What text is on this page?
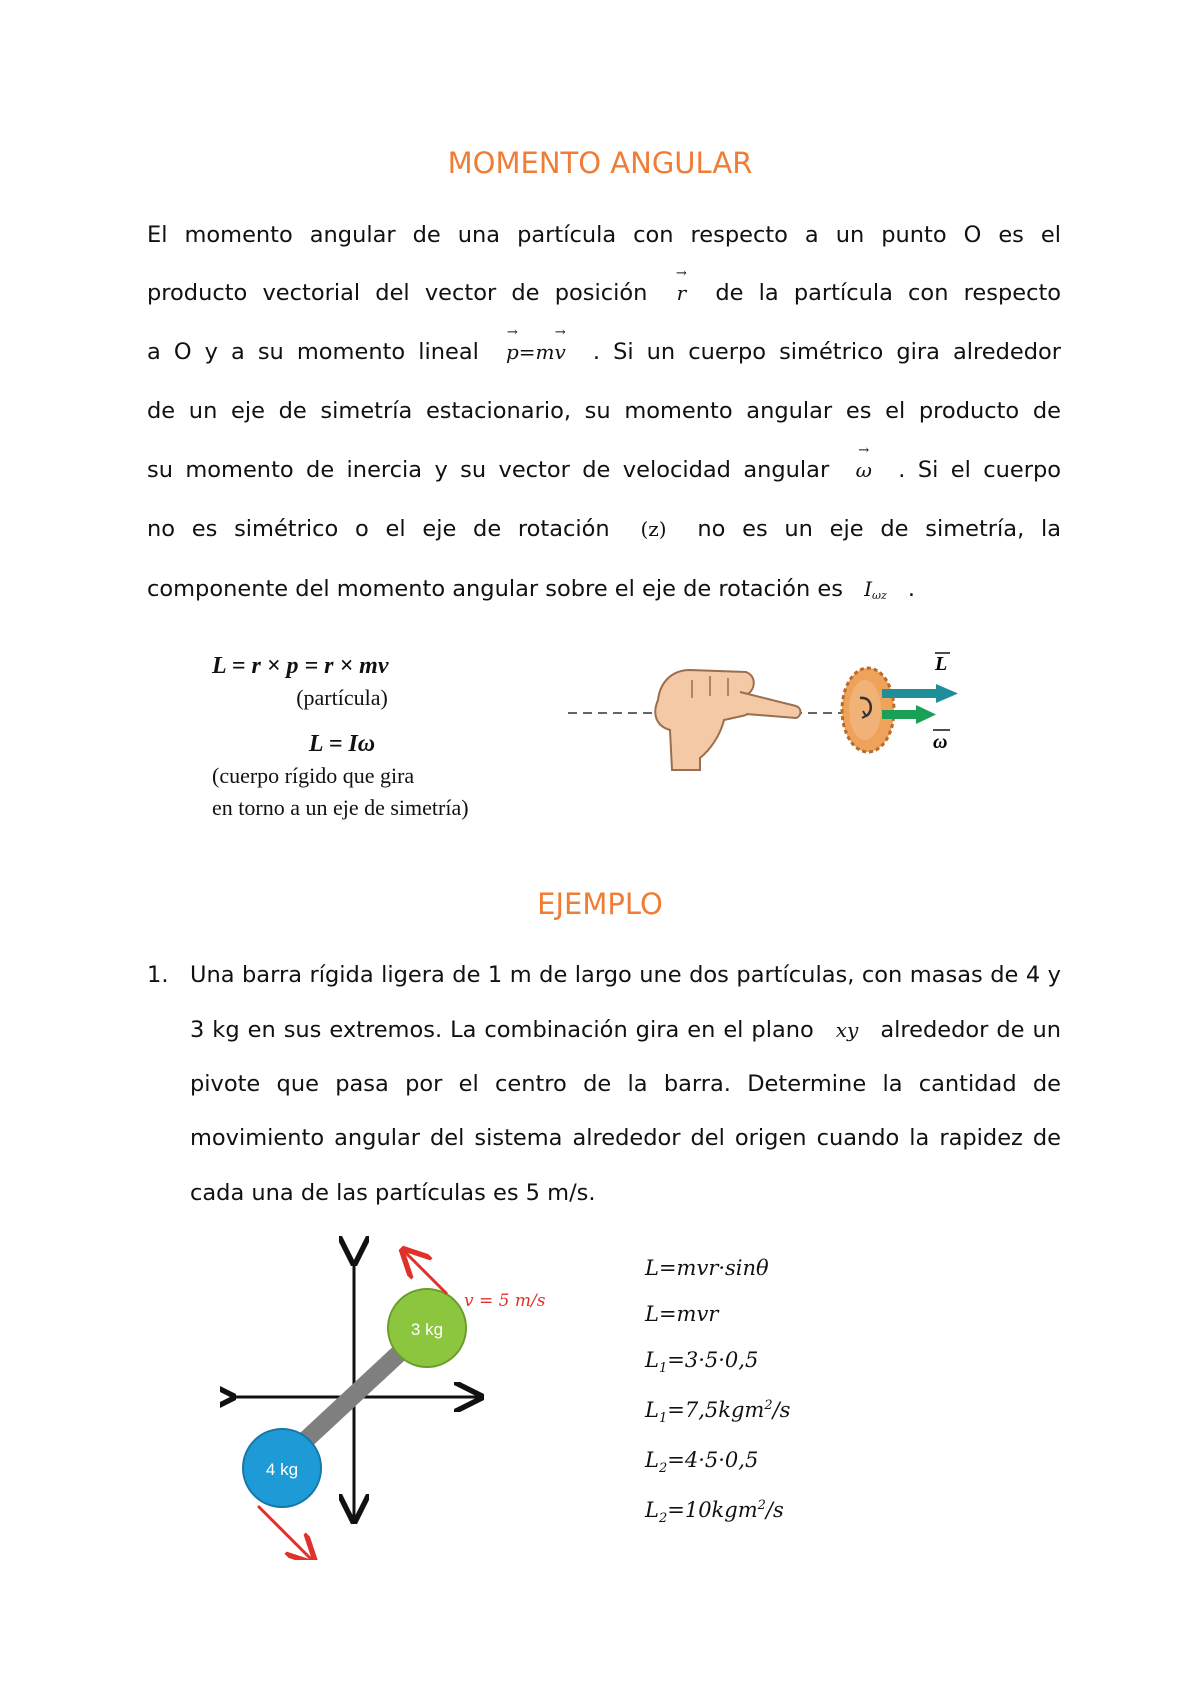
MOMENTO ANGULAR
El momento angular de una partícula con respecto a un punto O es el
producto vectorial del vector de posición → r de la partícula con respecto
a O y a su momento lineal → p=m→ v . Si un cuerpo simétrico gira alrededor
de un eje de simetría estacionario, su momento angular es el producto de
su momento de inercia y su vector de velocidad angular → ω . Si el cuerpo
no es simétrico o el eje de rotación (z) no es un eje de simetría, la
componente del momento angular sobre el eje de rotación es $I_{\omega z}$ .
L = r × p = r × mv
(partícula)
L = Iω
(cuerpo rígido que gira
en torno a un eje de simetría)
L
ω
EJEMPLO
1. Una barra rígida ligera de 1 m de largo une dos partículas, con masas de 4 y
3 kg en sus extremos. La combinación gira en el plano xy alrededor de un
pivote que pasa por el centro de la barra. Determine la cantidad de
movimiento angular del sistema alrededor del origen cuando la rapidez de
cada una de las partículas es 5 m/s.
3 kg
4 kg
v = 5 m/s
L=mvr·sinθ
L=mvr
$L_1=3\cdot 5\cdot 0,5$
$L_1=7,5kgm^2/s$
$L_2=4\cdot 5\cdot 0,5$
$L_2=10kgm^2/s$
